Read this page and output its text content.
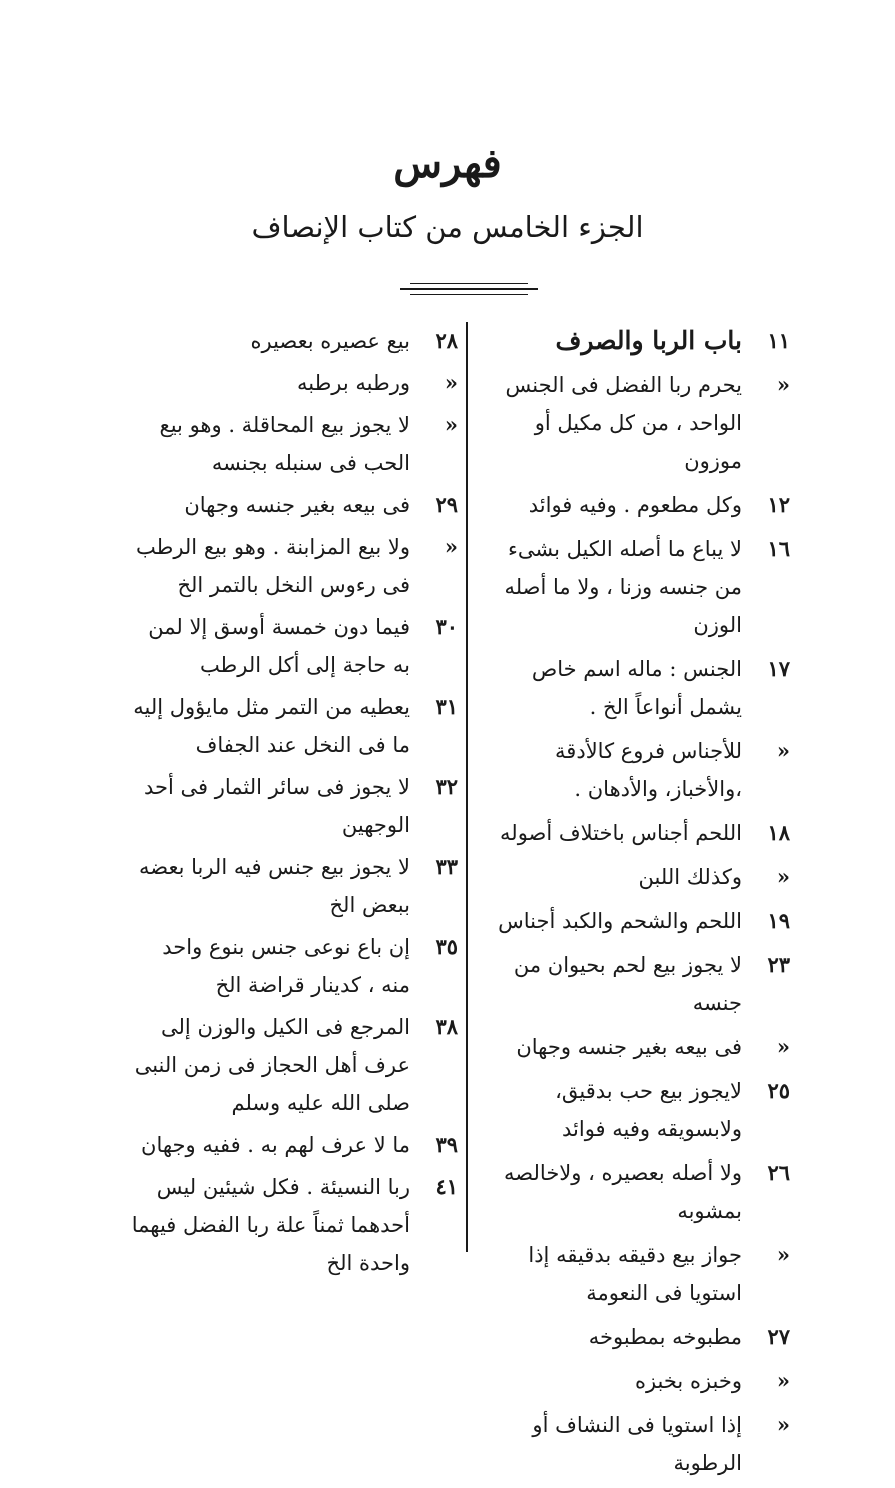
فهرس
الجزء الخامس من كتاب الإنصاف
١١
باب الربا والصرف
«
يحرم ربا الفضل فى الجنس الواحد ، من كل مكيل أو موزون
١٢
وكل مطعوم . وفيه فوائد
١٦
لا يباع ما أصله الكيل بشىء من جنسه وزنا ، ولا ما أصله الوزن
١٧
الجنس : ماله اسم خاص يشمل أنواعاً الخ .
«
للأجناس فروع كالأدقة ،والأخباز، والأدهان .
١٨
اللحم أجناس باختلاف أصوله
«
وكذلك اللبن
١٩
اللحم والشحم والكبد أجناس
٢٣
لا يجوز بيع لحم بحيوان من جنسه
«
فى بيعه بغير جنسه وجهان
٢٥
لايجوز بيع حب بدقيق، ولابسويقه وفيه فوائد
٢٦
ولا أصله بعصيره ، ولاخالصه بمشوبه
«
جواز بيع دقيقه بدقيقه إذا استويا فى النعومة
٢٧
مطبوخه بمطبوخه
«
وخبزه بخبزه
«
إذا استويا فى النشاف أو الرطوبة
٢٨
بيع عصيره بعصيره
«
ورطبه برطبه
«
لا يجوز بيع المحاقلة . وهو بيع الحب فى سنبله بجنسه
٢٩
فى بيعه بغير جنسه وجهان
«
ولا بيع المزابنة . وهو بيع الرطب فى رءوس النخل بالتمر الخ
٣٠
فيما دون خمسة أوسق إلا لمن به حاجة إلى أكل الرطب
٣١
يعطيه من التمر مثل مايؤول إليه ما فى النخل عند الجفاف
٣٢
لا يجوز فى سائر الثمار فى أحد الوجهين
٣٣
لا يجوز بيع جنس فيه الربا بعضه ببعض الخ
٣٥
إن باع نوعى جنس بنوع واحد منه ، كدينار قراضة الخ
٣٨
المرجع فى الكيل والوزن إلى عرف أهل الحجاز فى زمن النبى صلى الله عليه وسلم
٣٩
ما لا عرف لهم به . ففيه وجهان
٤١
ربا النسيئة . فكل شيئين ليس أحدهما ثمناً علة ربا الفضل فيهما واحدة الخ
